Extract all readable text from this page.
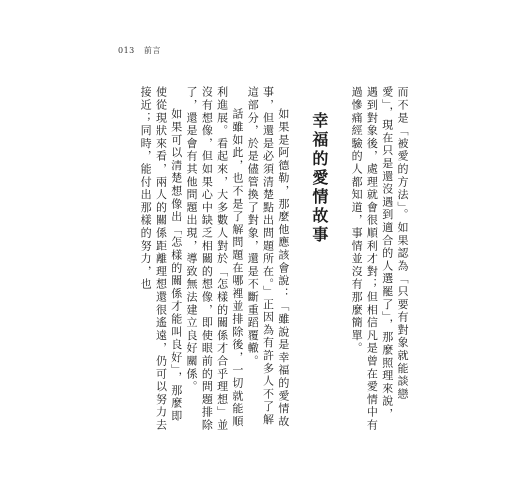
013 前言

而不是「被愛的方法」。如果認為「只要有對象就能談戀愛」，現在只是還沒遇到適合的人選罷了」，那麼照理來說，遇到對象後，處理就會很順利才對；但相信凡是曾在愛情中有過慘痛經驗的人都知道，事情並沒有那麼簡單。

幸福的愛情故事

如果是阿德勒，那麼他應該會說：「雖說是幸福的愛情故事，但還是必須清楚點出問題所在。」正因為有許多人不了解這部分，於是儘管換了對象，還是不斷重蹈覆轍。

話雖如此，也不是了解問題在哪裡並排除後，一切就能順利進展。看起來，大多數人對於「怎樣的關係才合乎理想」並沒有想像，但如果心中缺乏相關的想像，即使眼前的問題排除了，還是會有其他問題出現，導致無法建立良好關係。

如果可以清楚想像出「怎樣的關係才能叫良好」，那麼即使從現狀來看，兩人的關係距離理想還很遙遠，仍可以努力去接近；同時，能付出那樣的努力，也
